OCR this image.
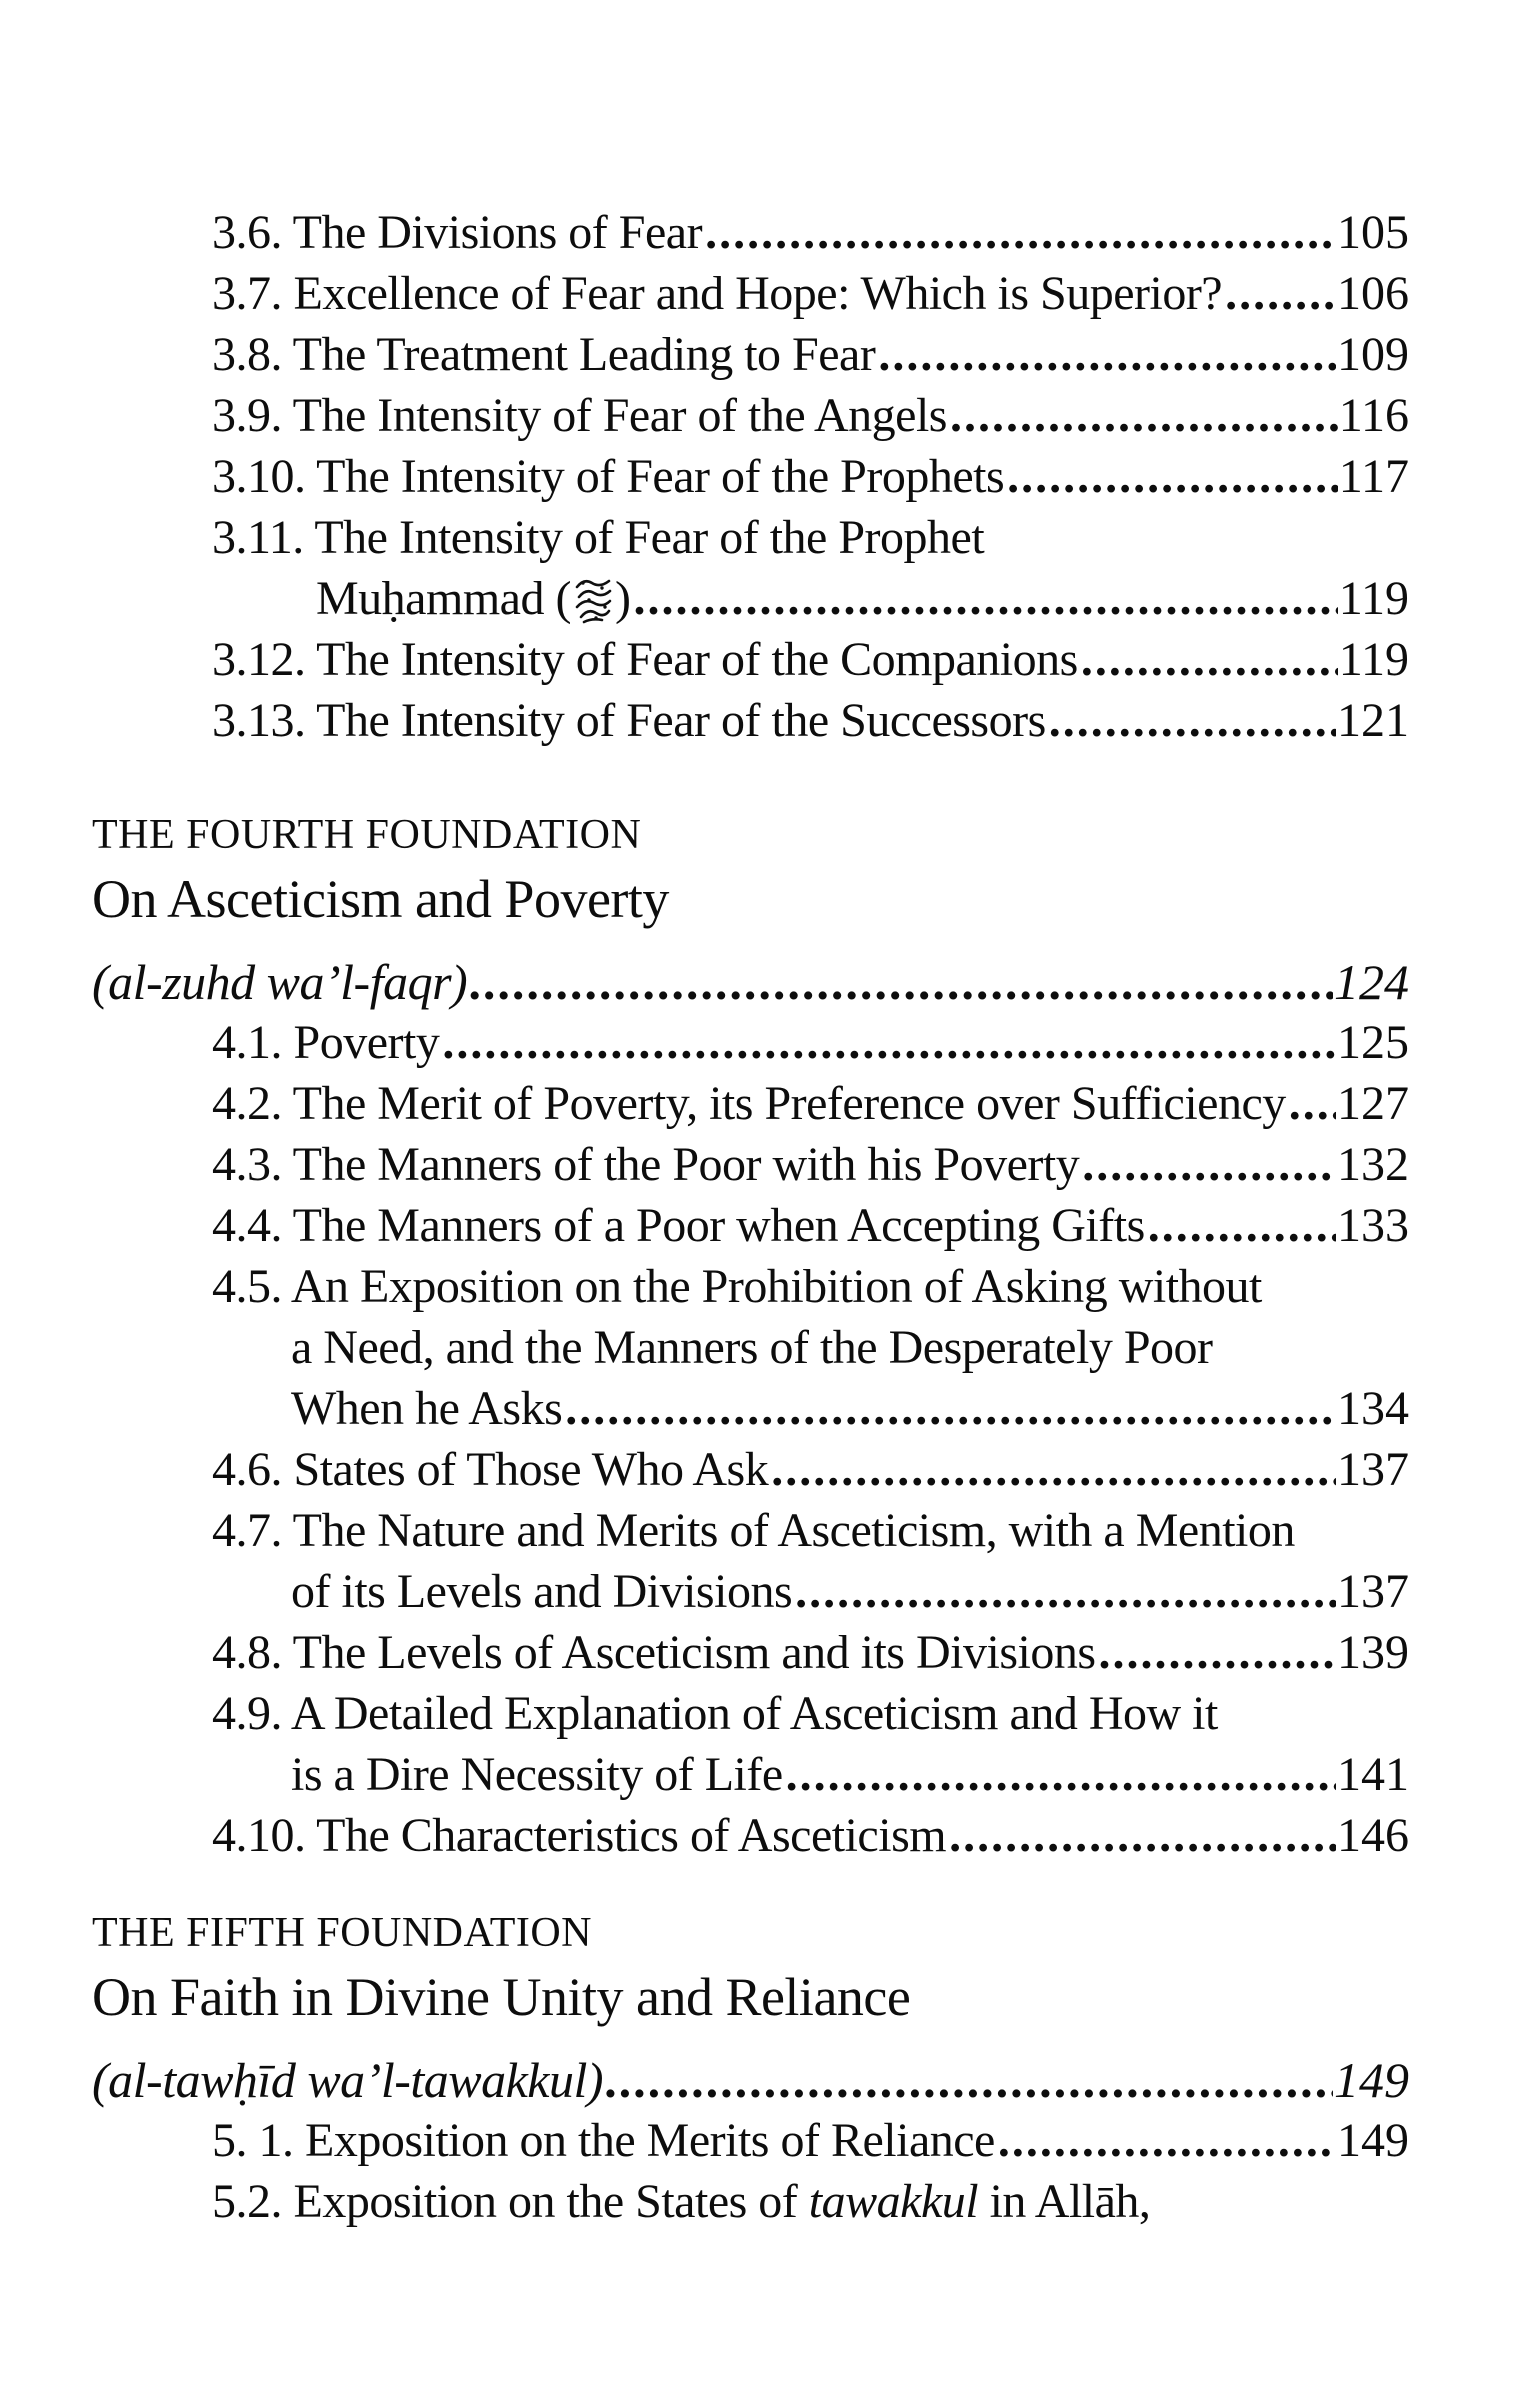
3.6. The Divisions of Fear .....	105
3.7. Excellence of Fear and Hope: Which is Superior? ..... 106
3.8. The Treatment Leading to Fear .....	109
3.9. The Intensity of Fear of the Angels .....	116
3.10. The Intensity of Fear of the Prophets .....	117
3.11. The Intensity of Fear of the Prophet
Muḥammad ( ) .....	119
3.12. The Intensity of Fear of the Companions .....	119
3.13. The Intensity of Fear of the Successors .....	121
THE FOURTH FOUNDATION
On Asceticism and Poverty
(al-zuhd wa’l-faqr) .....	124
4.1. Poverty .....	125
4.2. The Merit of Poverty, its Preference over Sufficiency ..... 127
4.3. The Manners of the Poor with his Poverty .....	132
4.4. The Manners of a Poor when Accepting Gifts .....	133
4.5. An Exposition on the Prohibition of Asking without
a Need, and the Manners of the Desperately Poor
When he Asks .....	134
4.6. States of Those Who Ask .....	137
4.7. The Nature and Merits of Asceticism, with a Mention
of its Levels and Divisions .....	137
4.8. The Levels of Asceticism and its Divisions .....	139
4.9. A Detailed Explanation of Asceticism and How it
is a Dire Necessity of Life .....	141
4.10. The Characteristics of Asceticism .....	146
THE FIFTH FOUNDATION
On Faith in Divine Unity and Reliance
(al-tawḥīd wa’l-tawakkul) .....	149
5. 1. Exposition on the Merits of Reliance .....	149
5.2. Exposition on the States of tawakkul in Allāh,
